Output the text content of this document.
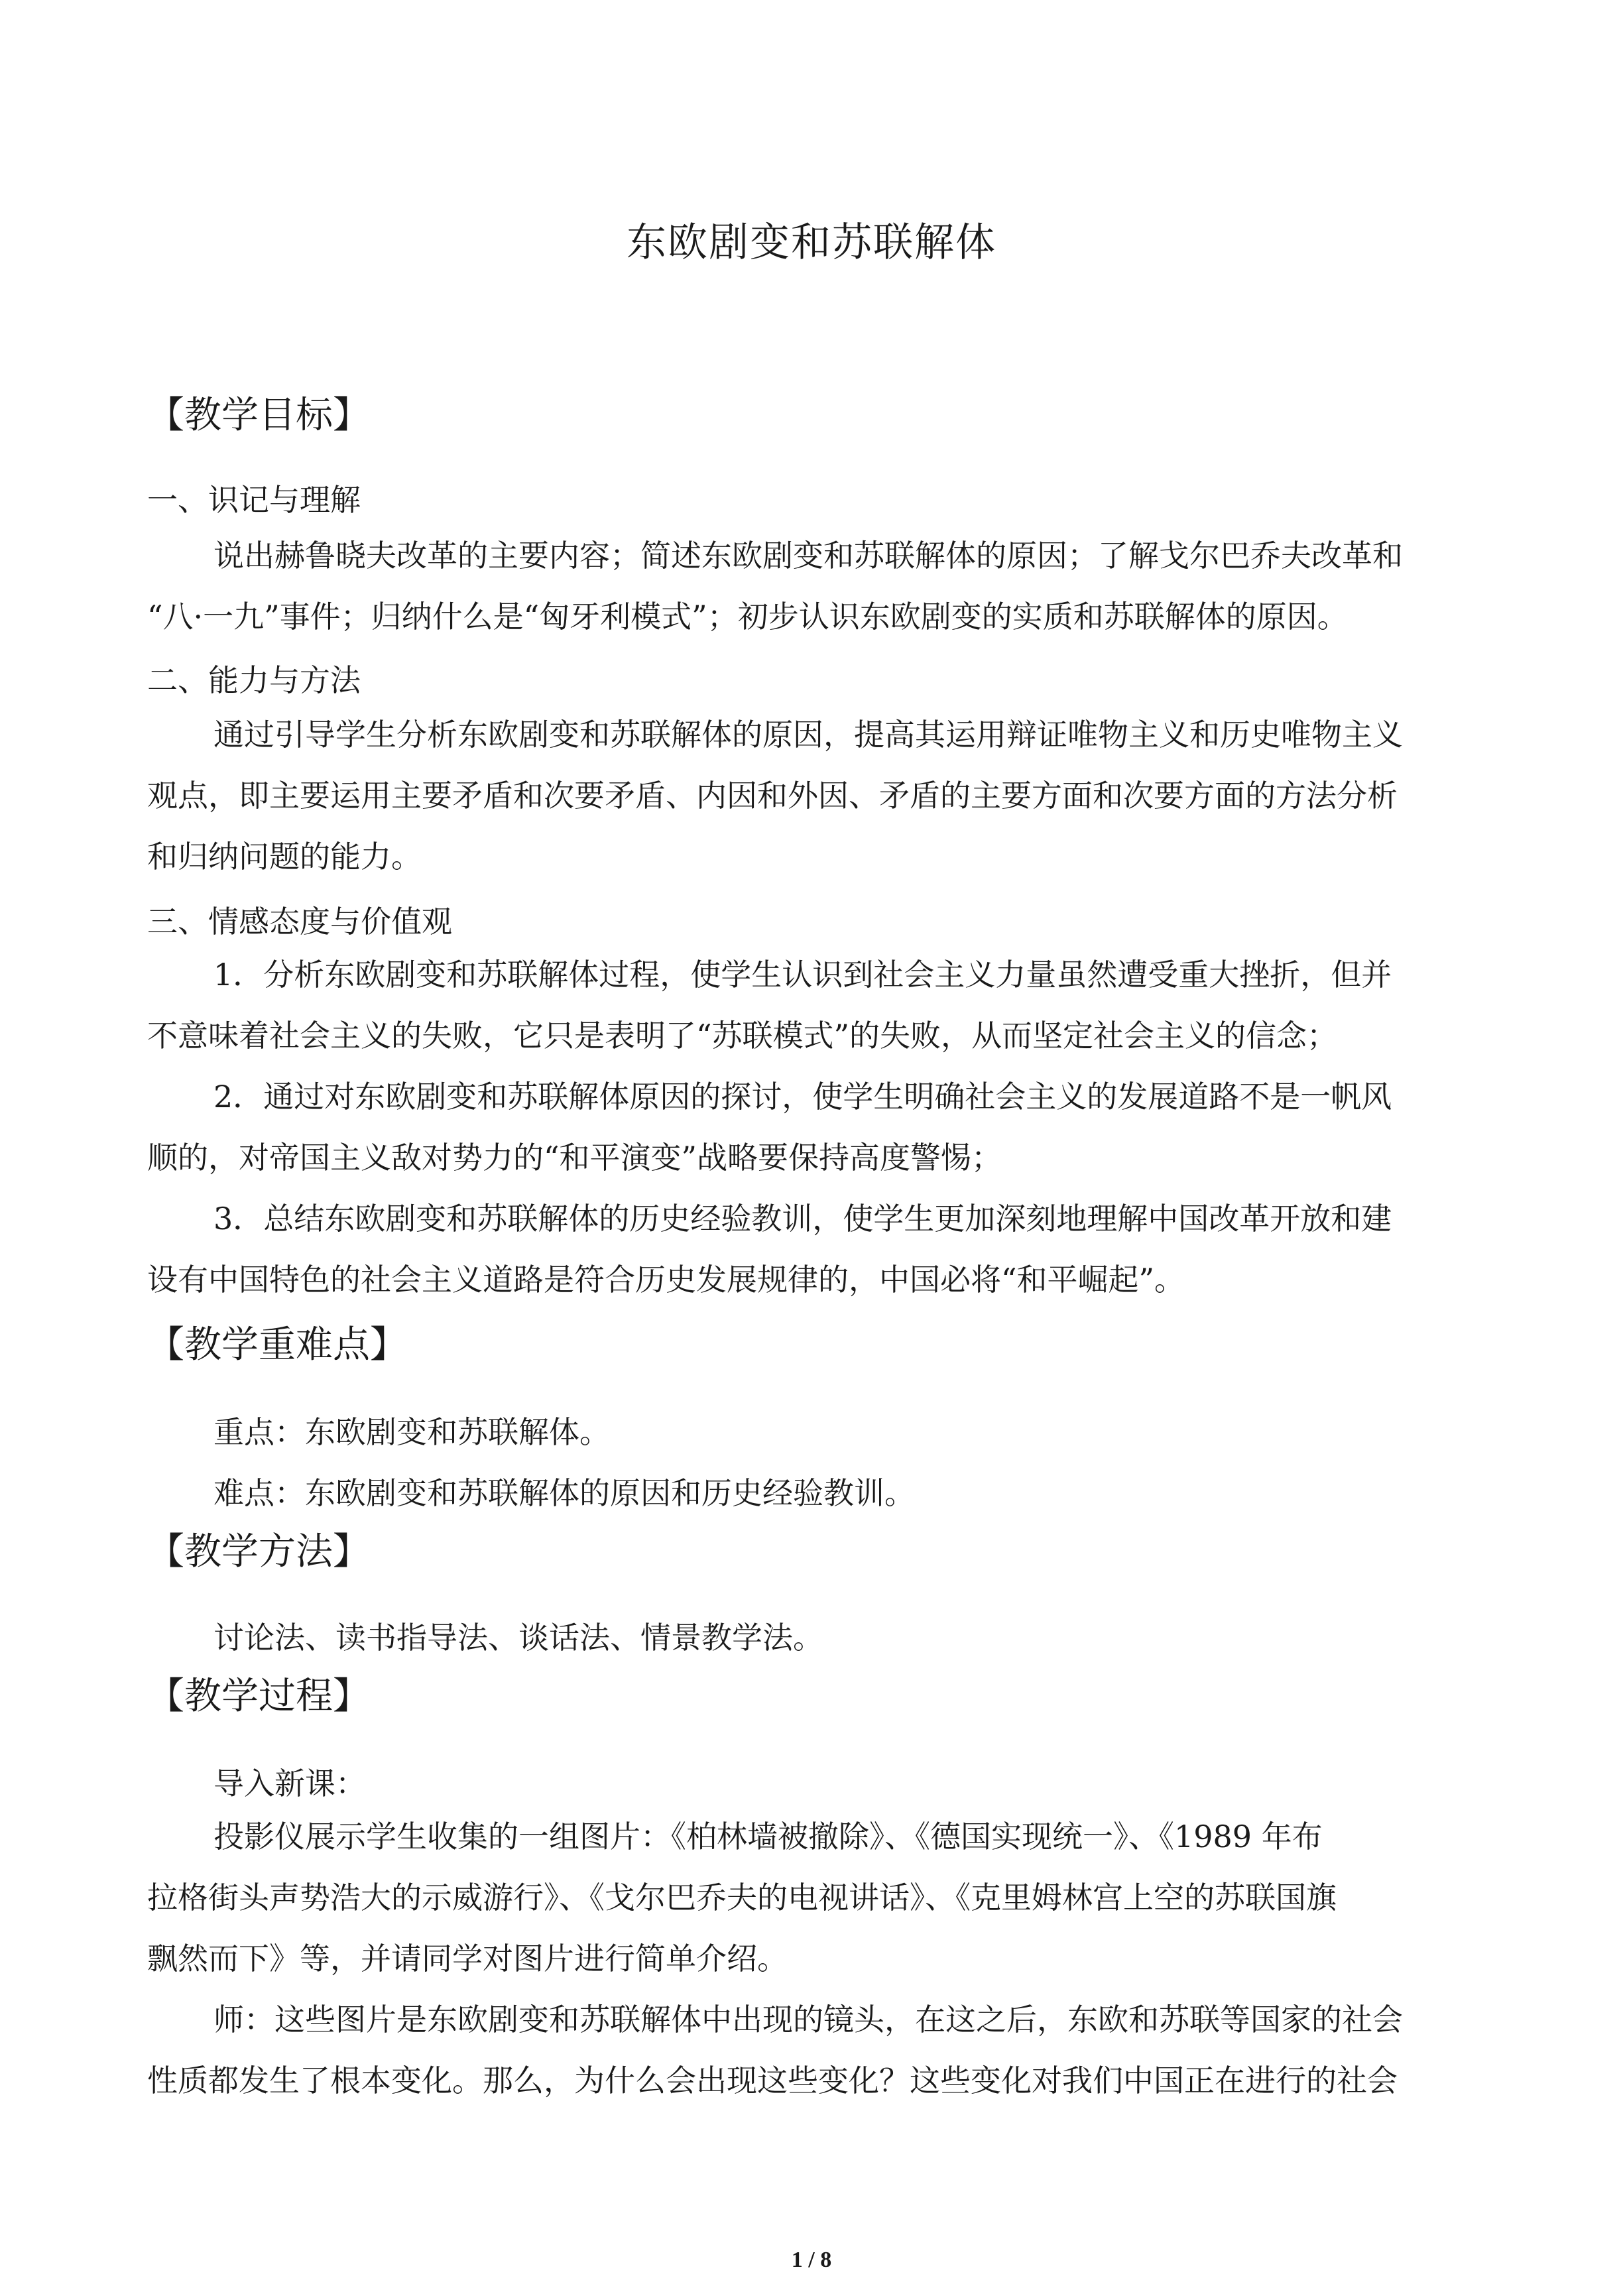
东欧剧变和苏联解体
【教学目标】
一、识记与理解
说出赫鲁晓夫改革的主要内容；简述东欧剧变和苏联解体的原因；了解戈尔巴乔夫改革和
“八·一九”事件；归纳什么是“匈牙利模式”；初步认识东欧剧变的实质和苏联解体的原因。
二、能力与方法
通过引导学生分析东欧剧变和苏联解体的原因，提高其运用辩证唯物主义和历史唯物主义
观点，即主要运用主要矛盾和次要矛盾、内因和外因、矛盾的主要方面和次要方面的方法分析
和归纳问题的能力。
三、情感态度与价值观
1．分析东欧剧变和苏联解体过程，使学生认识到社会主义力量虽然遭受重大挫折，但并
不意味着社会主义的失败，它只是表明了“苏联模式”的失败，从而坚定社会主义的信念；
2．通过对东欧剧变和苏联解体原因的探讨，使学生明确社会主义的发展道路不是一帆风
顺的，对帝国主义敌对势力的“和平演变”战略要保持高度警惕；
3．总结东欧剧变和苏联解体的历史经验教训，使学生更加深刻地理解中国改革开放和建
设有中国特色的社会主义道路是符合历史发展规律的，中国必将“和平崛起”。
【教学重难点】
重点：东欧剧变和苏联解体。
难点：东欧剧变和苏联解体的原因和历史经验教训。
【教学方法】
讨论法、读书指导法、谈话法、情景教学法。
【教学过程】
导入新课：
投影仪展示学生收集的一组图片：《柏林墙被撤除》、《德国实现统一》、《1989 年布
拉格街头声势浩大的示威游行》、《戈尔巴乔夫的电视讲话》、《克里姆林宫上空的苏联国旗
飘然而下》等，并请同学对图片进行简单介绍。
师：这些图片是东欧剧变和苏联解体中出现的镜头，在这之后，东欧和苏联等国家的社会
性质都发生了根本变化。那么，为什么会出现这些变化？这些变化对我们中国正在进行的社会
1 / 8
